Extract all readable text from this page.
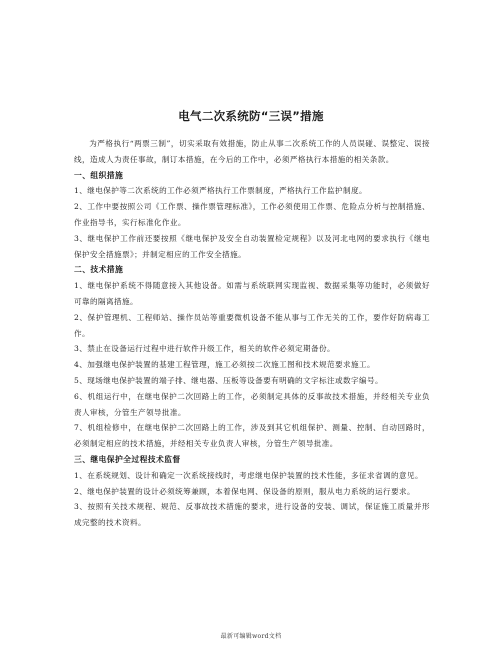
电气二次系统防“三误”措施

为严格执行“两票三制”，切实采取有效措施，防止从事二次系统工作的人员误碰、误整定、误接线，造成人为责任事故，制订本措施，在今后的工作中，必须严格执行本措施的相关条款。

一、组织措施

1、继电保护等二次系统的工作必须严格执行工作票制度，严格执行工作监护制度。

2、工作中要按照公司《工作票、操作票管理标准》，工作必须使用工作票、危险点分析与控制措施、作业指导书，实行标准化作业。

3、继电保护工作前还要按照《继电保护及安全自动装置检定规程》以及河北电网的要求执行《继电保护安全措施票》；并制定相应的工作安全措施。

二、技术措施

1、继电保护系统不得随意接入其他设备。如需与系统联网实现监视、数据采集等功能时，必须做好可靠的隔离措施。

2、保护管理机、工程师站、操作员站等重要微机设备不能从事与工作无关的工作，要作好防病毒工作。

3、禁止在设备运行过程中进行软件升级工作，相关的软件必须定期备份。

4、加强继电保护装置的基建工程管理，施工必须按二次施工图和技术规范要求施工。

5、现场继电保护装置的端子排、继电器、压板等设备要有明确的文字标注或数字编号。

6、机组运行中，在继电保护二次回路上的工作，必须制定具体的反事故技术措施，并经相关专业负责人审核，分管生产领导批准。

7、机组检修中，在继电保护二次回路上的工作，涉及到其它机组保护、测量、控制、自动回路时，必须制定相应的技术措施，并经相关专业负责人审核，分管生产领导批准。

三、继电保护全过程技术监督

1、在系统规划、设计和确定一次系统接线时，考虑继电保护装置的技术性能，多征求省调的意见。

2、继电保护装置的设计必须统筹兼顾，本着保电网、保设备的原则，服从电力系统的运行要求。

3、按照有关技术规程、规范、反事故技术措施的要求，进行设备的安装、调试，保证施工质量并形成完整的技术资料。

最新可编辑word文档
